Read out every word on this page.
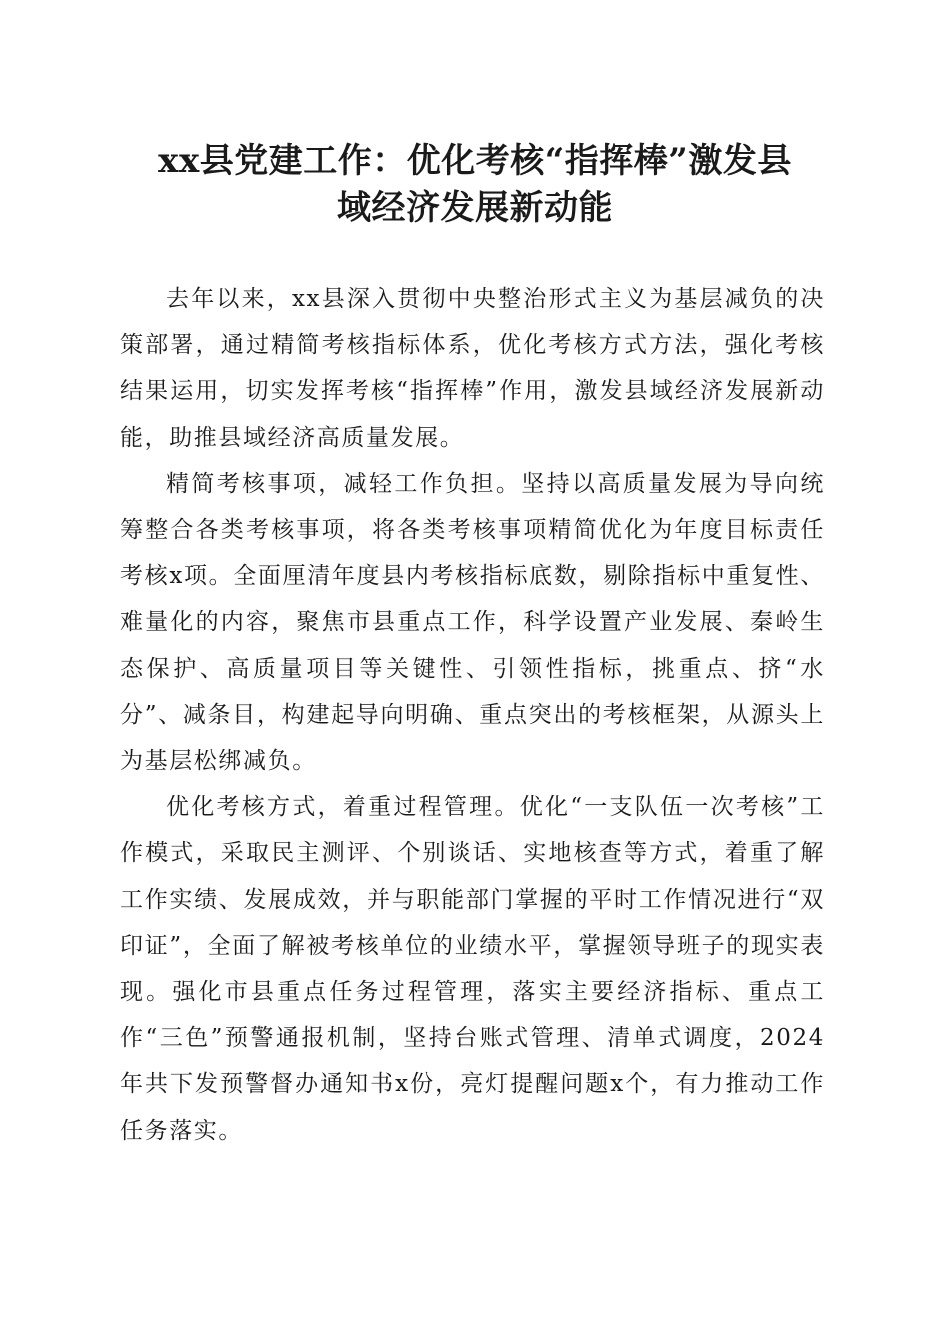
xx县党建工作：优化考核“指挥棒”激发县
域经济发展新动能

去年以来，xx县深入贯彻中央整治形式主义为基层减负的决策部署，通过精简考核指标体系，优化考核方式方法，强化考核结果运用，切实发挥考核“指挥棒”作用，激发县域经济发展新动能，助推县域经济高质量发展。

精简考核事项，减轻工作负担。坚持以高质量发展为导向统筹整合各类考核事项，将各类考核事项精简优化为年度目标责任考核x项。全面厘清年度县内考核指标底数，剔除指标中重复性、难量化的内容，聚焦市县重点工作，科学设置产业发展、秦岭生态保护、高质量项目等关键性、引领性指标，挑重点、挤“水分”、减条目，构建起导向明确、重点突出的考核框架，从源头上为基层松绑减负。

优化考核方式，着重过程管理。优化“一支队伍一次考核”工作模式，采取民主测评、个别谈话、实地核查等方式，着重了解工作实绩、发展成效，并与职能部门掌握的平时工作情况进行“双印证”，全面了解被考核单位的业绩水平，掌握领导班子的现实表现。强化市县重点任务过程管理，落实主要经济指标、重点工作“三色”预警通报机制，坚持台账式管理、清单式调度，2024年共下发预警督办通知书x份，亮灯提醒问题x个，有力推动工作任务落实。
